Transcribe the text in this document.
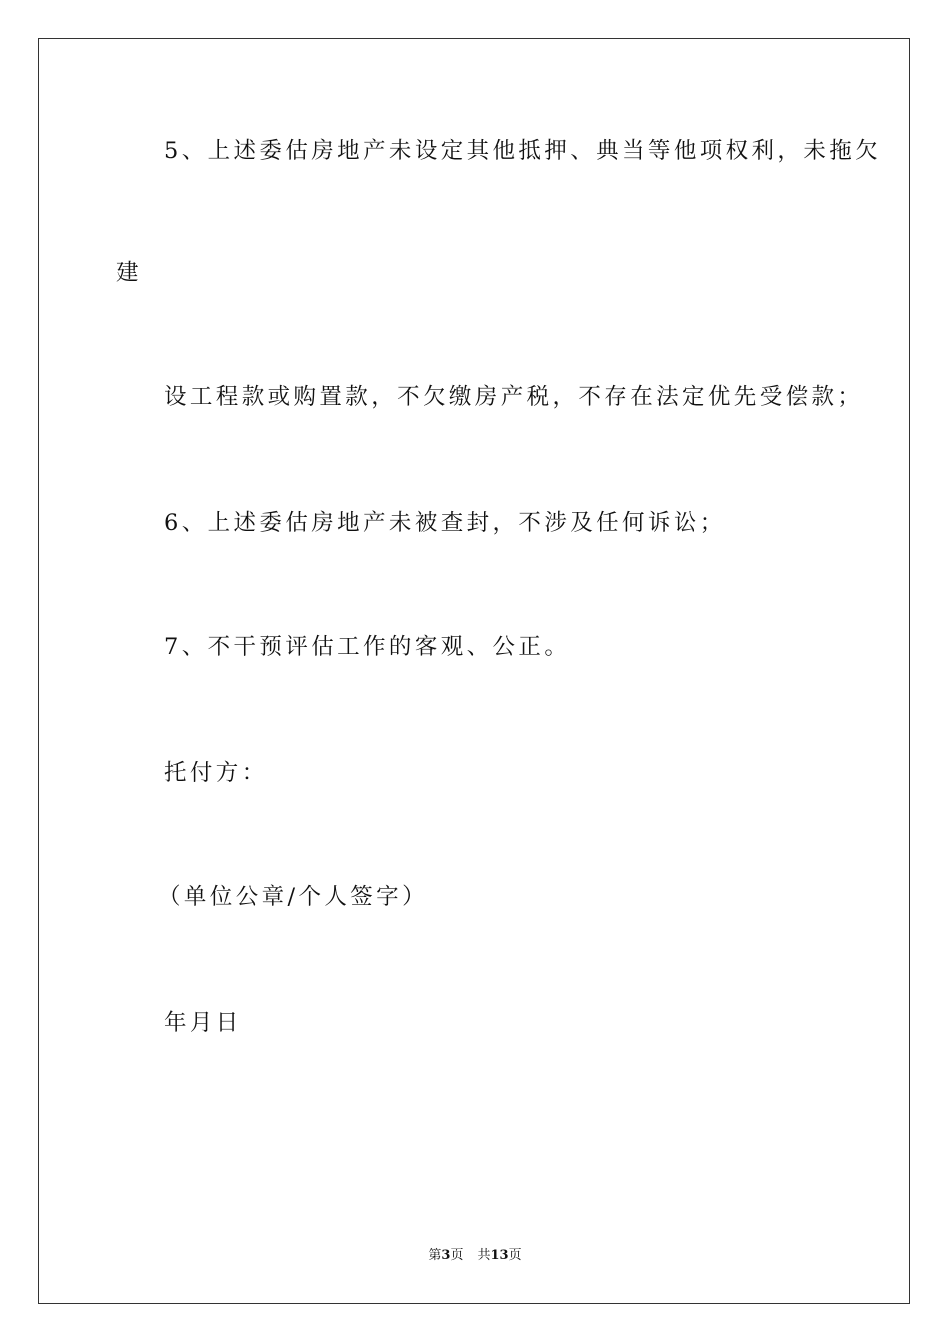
5、上述委估房地产未设定其他抵押、典当等他项权利，未拖欠
建
设工程款或购置款，不欠缴房产税，不存在法定优先受偿款；
6、上述委估房地产未被查封，不涉及任何诉讼；
7、不干预评估工作的客观、公正。
托付方：
（单位公章/个人签字）
年月日
第3页 共13页
